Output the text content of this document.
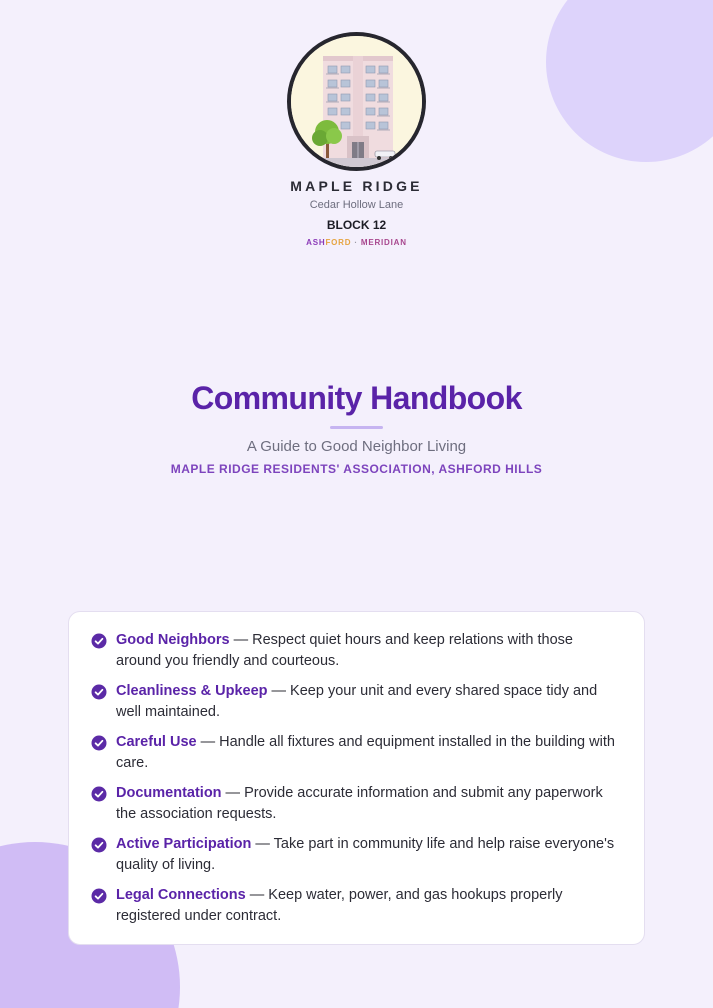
MAPLE RIDGE
Cedar Hollow Lane
BLOCK 12
ASHFORD · MERIDIAN
Community Handbook
A Guide to Good Neighbor Living
MAPLE RIDGE RESIDENTS' ASSOCIATION, ASHFORD HILLS
Good Neighbors — Respect quiet hours and keep relations with those around you friendly and courteous.
Cleanliness & Upkeep — Keep your unit and every shared space tidy and well maintained.
Careful Use — Handle all fixtures and equipment installed in the building with care.
Documentation — Provide accurate information and submit any paperwork the association requests.
Active Participation — Take part in community life and help raise everyone's quality of living.
Legal Connections — Keep water, power, and gas hookups properly registered under contract.
